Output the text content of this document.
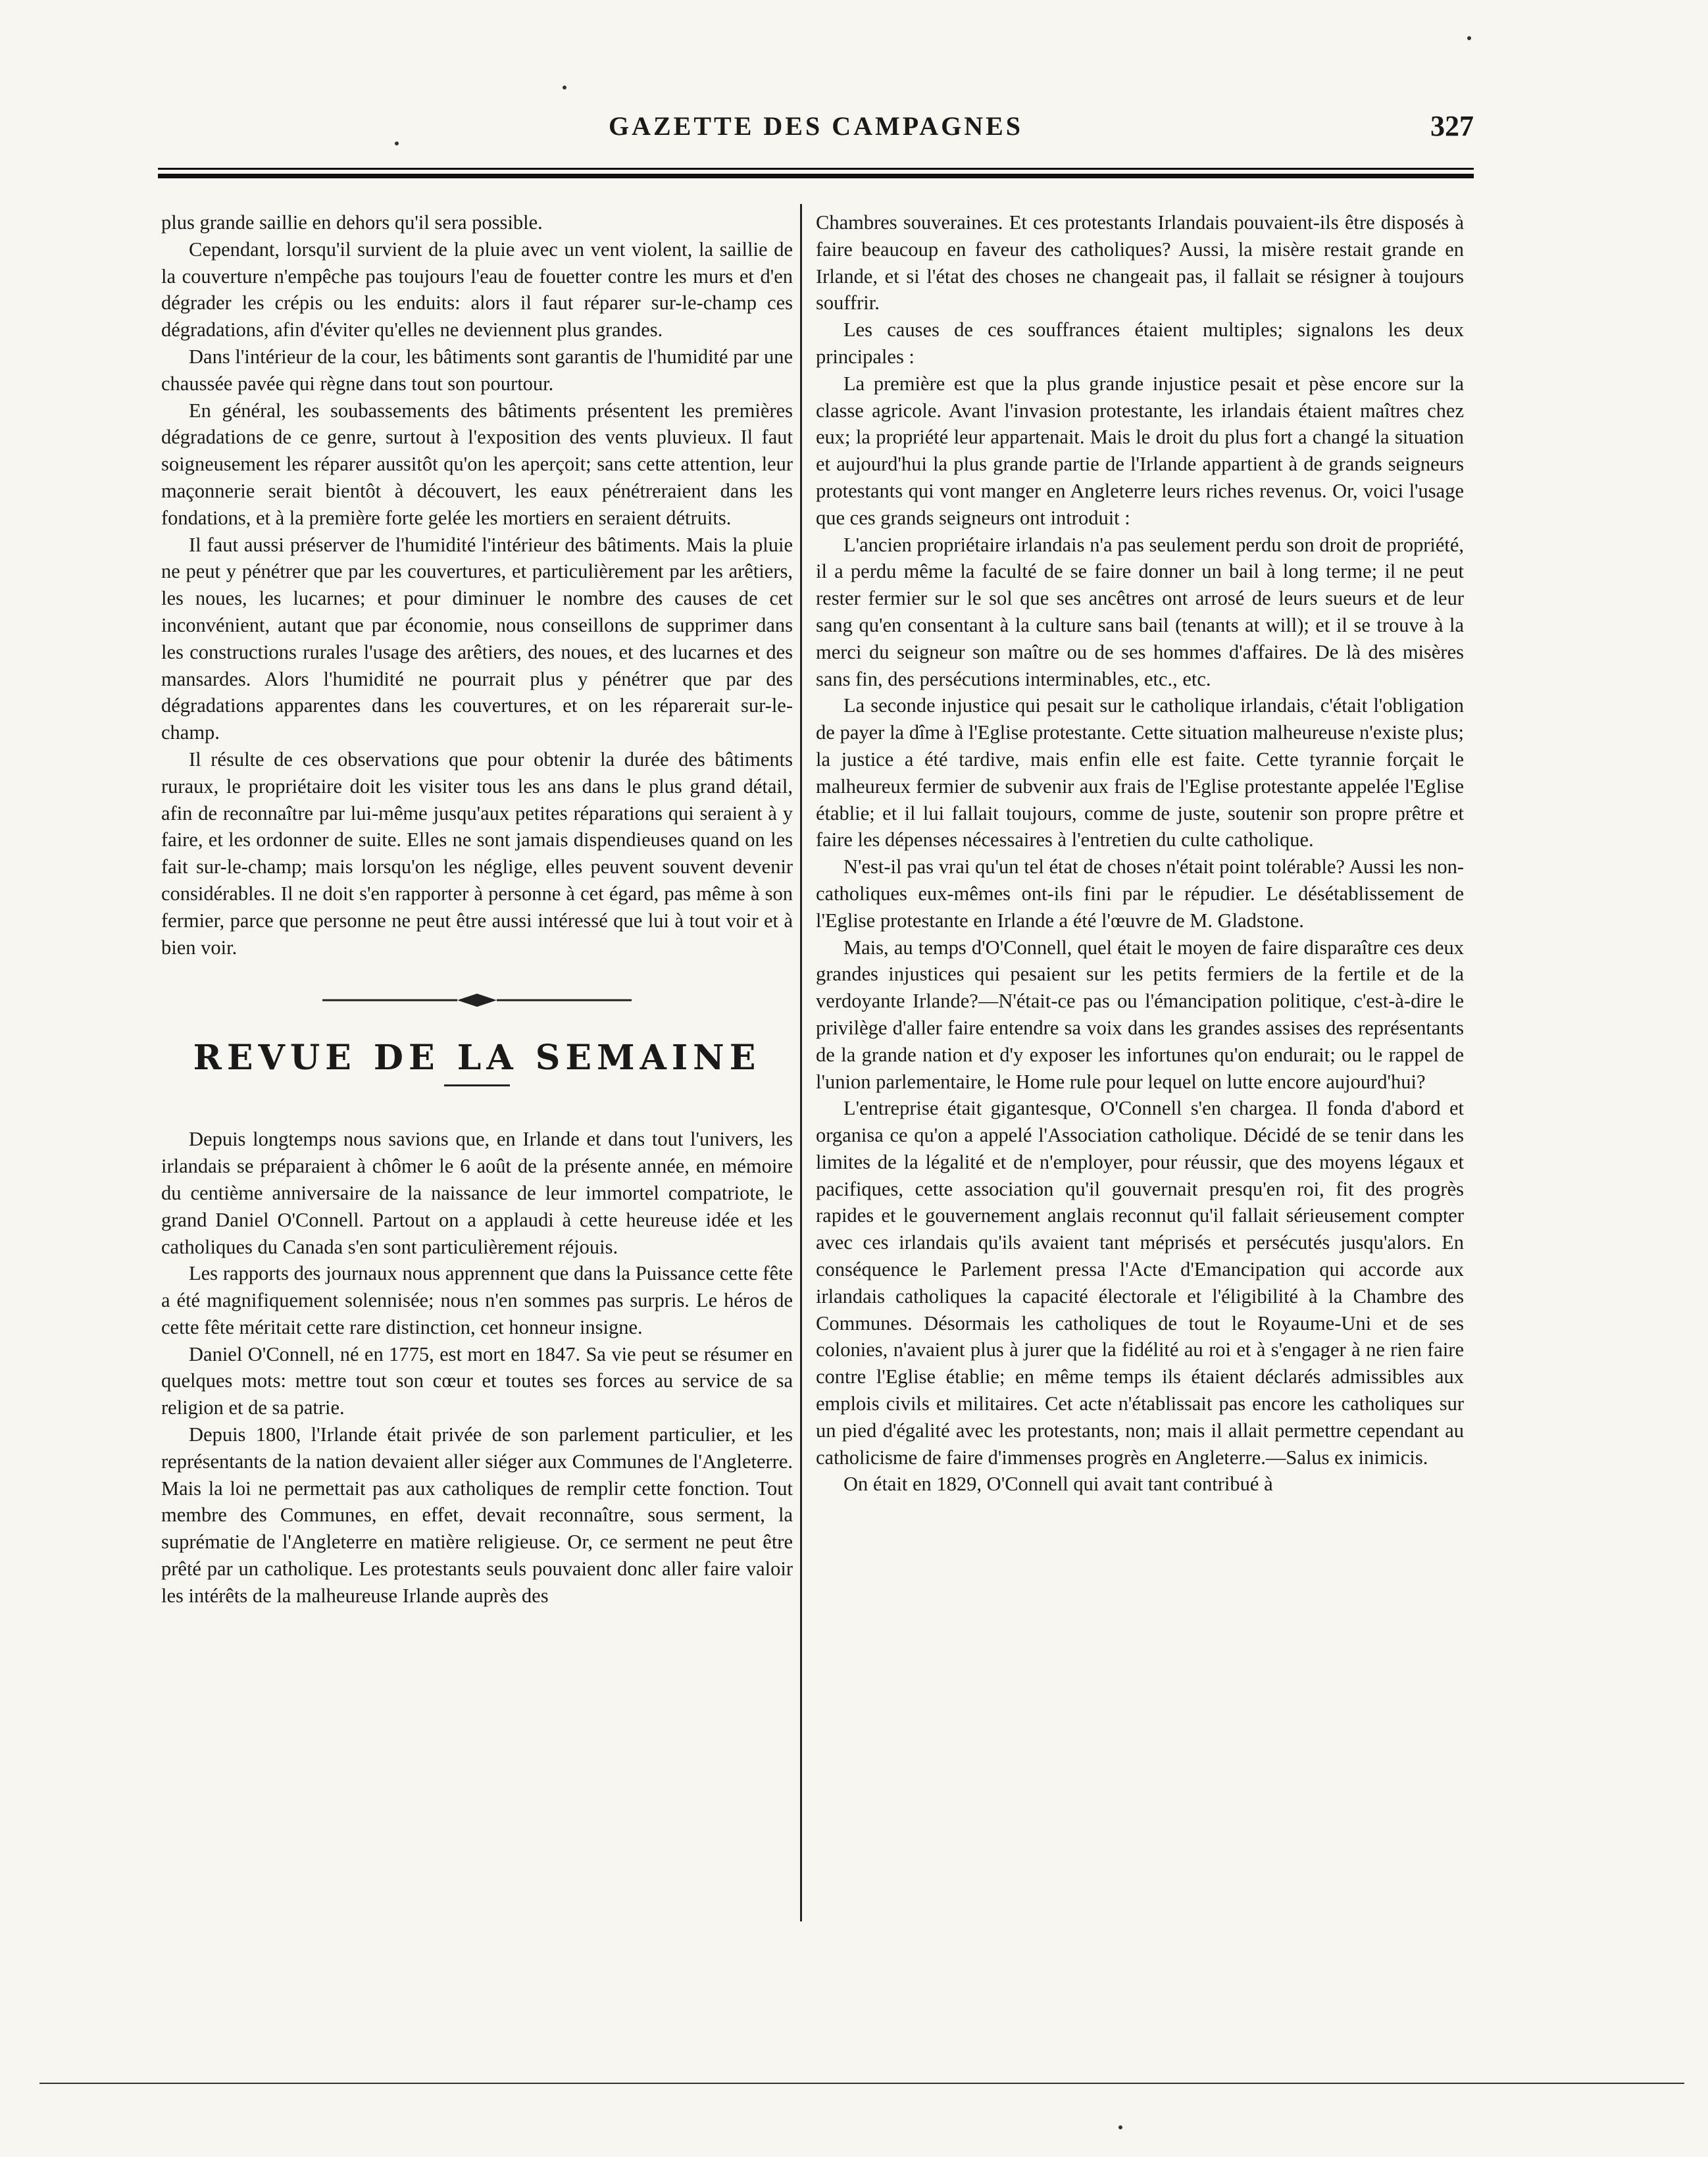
GAZETTE DES CAMPAGNES	327

plus grande saillie en dehors qu'il sera possible.

Cependant, lorsqu'il survient de la pluie avec un vent violent, la saillie de la couverture n'empêche pas toujours l'eau de fouetter contre les murs et d'en dégrader les crépis ou les enduits: alors il faut réparer sur-le-champ ces dégradations, afin d'éviter qu'elles ne deviennent plus grandes.

Dans l'intérieur de la cour, les bâtiments sont garantis de l'humidité par une chaussée pavée qui règne dans tout son pourtour.

En général, les soubassements des bâtiments présentent les premières dégradations de ce genre, surtout à l'exposition des vents pluvieux. Il faut soigneusement les réparer aussitôt qu'on les aperçoit; sans cette attention, leur maçonnerie serait bientôt à découvert, les eaux pénétreraient dans les fondations, et à la première forte gelée les mortiers en seraient détruits.

Il faut aussi préserver de l'humidité l'intérieur des bâtiments. Mais la pluie ne peut y pénétrer que par les couvertures, et particulièrement par les arêtiers, les noues, les lucarnes; et pour diminuer le nombre des causes de cet inconvénient, autant que par économie, nous conseillons de supprimer dans les constructions rurales l'usage des arêtiers, des noues, et des lucarnes et des mansardes. Alors l'humidité ne pourrait plus y pénétrer que par des dégradations apparentes dans les couvertures, et on les réparerait sur-le-champ.

Il résulte de ces observations que pour obtenir la durée des bâtiments ruraux, le propriétaire doit les visiter tous les ans dans le plus grand détail, afin de reconnaître par lui-même jusqu'aux petites réparations qui seraient à y faire, et les ordonner de suite. Elles ne sont jamais dispendieuses quand on les fait sur-le-champ; mais lorsqu'on les néglige, elles peuvent souvent devenir considérables. Il ne doit s'en rapporter à personne à cet égard, pas même à son fermier, parce que personne ne peut être aussi intéressé que lui à tout voir et à bien voir.

REVUE DE LA SEMAINE

Depuis longtemps nous savions que, en Irlande et dans tout l'univers, les irlandais se préparaient à chômer le 6 août de la présente année, en mémoire du centième anniversaire de la naissance de leur immortel compatriote, le grand Daniel O'Connell. Partout on a applaudi à cette heureuse idée et les catholiques du Canada s'en sont particulièrement réjouis.

Les rapports des journaux nous apprennent que dans la Puissance cette fête a été magnifiquement solennisée; nous n'en sommes pas surpris. Le héros de cette fête méritait cette rare distinction, cet honneur insigne.

Daniel O'Connell, né en 1775, est mort en 1847. Sa vie peut se résumer en quelques mots: mettre tout son cœur et toutes ses forces au service de sa religion et de sa patrie.

Depuis 1800, l'Irlande était privée de son parlement particulier, et les représentants de la nation devaient aller siéger aux Communes de l'Angleterre. Mais la loi ne permettait pas aux catholiques de remplir cette fonction. Tout membre des Communes, en effet, devait reconnaître, sous serment, la suprématie de l'Angleterre en matière religieuse. Or, ce serment ne peut être prêté par un catholique. Les protestants seuls pouvaient donc aller faire valoir les intérêts de la malheureuse Irlande auprès des

Chambres souveraines. Et ces protestants Irlandais pouvaient-ils être disposés à faire beaucoup en faveur des catholiques? Aussi, la misère restait grande en Irlande, et si l'état des choses ne changeait pas, il fallait se résigner à toujours souffrir.

Les causes de ces souffrances étaient multiples; signalons les deux principales :

La première est que la plus grande injustice pesait et pèse encore sur la classe agricole. Avant l'invasion protestante, les irlandais étaient maîtres chez eux; la propriété leur appartenait. Mais le droit du plus fort a changé la situation et aujourd'hui la plus grande partie de l'Irlande appartient à de grands seigneurs protestants qui vont manger en Angleterre leurs riches revenus. Or, voici l'usage que ces grands seigneurs ont introduit :

L'ancien propriétaire irlandais n'a pas seulement perdu son droit de propriété, il a perdu même la faculté de se faire donner un bail à long terme; il ne peut rester fermier sur le sol que ses ancêtres ont arrosé de leurs sueurs et de leur sang qu'en consentant à la culture sans bail (tenants at will); et il se trouve à la merci du seigneur son maître ou de ses hommes d'affaires. De là des misères sans fin, des persécutions interminables, etc., etc.

La seconde injustice qui pesait sur le catholique irlandais, c'était l'obligation de payer la dîme à l'Eglise protestante. Cette situation malheureuse n'existe plus; la justice a été tardive, mais enfin elle est faite. Cette tyrannie forçait le malheureux fermier de subvenir aux frais de l'Eglise protestante appelée l'Eglise établie; et il lui fallait toujours, comme de juste, soutenir son propre prêtre et faire les dépenses nécessaires à l'entretien du culte catholique.

N'est-il pas vrai qu'un tel état de choses n'était point tolérable? Aussi les non-catholiques eux-mêmes ont-ils fini par le répudier. Le désétablissement de l'Eglise protestante en Irlande a été l'œuvre de M. Gladstone.

Mais, au temps d'O'Connell, quel était le moyen de faire disparaître ces deux grandes injustices qui pesaient sur les petits fermiers de la fertile et de la verdoyante Irlande?—N'était-ce pas ou l'émancipation politique, c'est-à-dire le privilège d'aller faire entendre sa voix dans les grandes assises des représentants de la grande nation et d'y exposer les infortunes qu'on endurait; ou le rappel de l'union parlementaire, le Home rule pour lequel on lutte encore aujourd'hui?

L'entreprise était gigantesque, O'Connell s'en chargea. Il fonda d'abord et organisa ce qu'on a appelé l'Association catholique. Décidé de se tenir dans les limites de la légalité et de n'employer, pour réussir, que des moyens légaux et pacifiques, cette association qu'il gouvernait presqu'en roi, fit des progrès rapides et le gouvernement anglais reconnut qu'il fallait sérieusement compter avec ces irlandais qu'ils avaient tant méprisés et persécutés jusqu'alors. En conséquence le Parlement pressa l'Acte d'Emancipation qui accorde aux irlandais catholiques la capacité électorale et l'éligibilité à la Chambre des Communes. Désormais les catholiques de tout le Royaume-Uni et de ses colonies, n'avaient plus à jurer que la fidélité au roi et à s'engager à ne rien faire contre l'Eglise établie; en même temps ils étaient déclarés admissibles aux emplois civils et militaires. Cet acte n'établissait pas encore les catholiques sur un pied d'égalité avec les protestants, non; mais il allait permettre cependant au catholicisme de faire d'immenses progrès en Angleterre.—Salus ex inimicis.

On était en 1829, O'Connell qui avait tant contribué à
